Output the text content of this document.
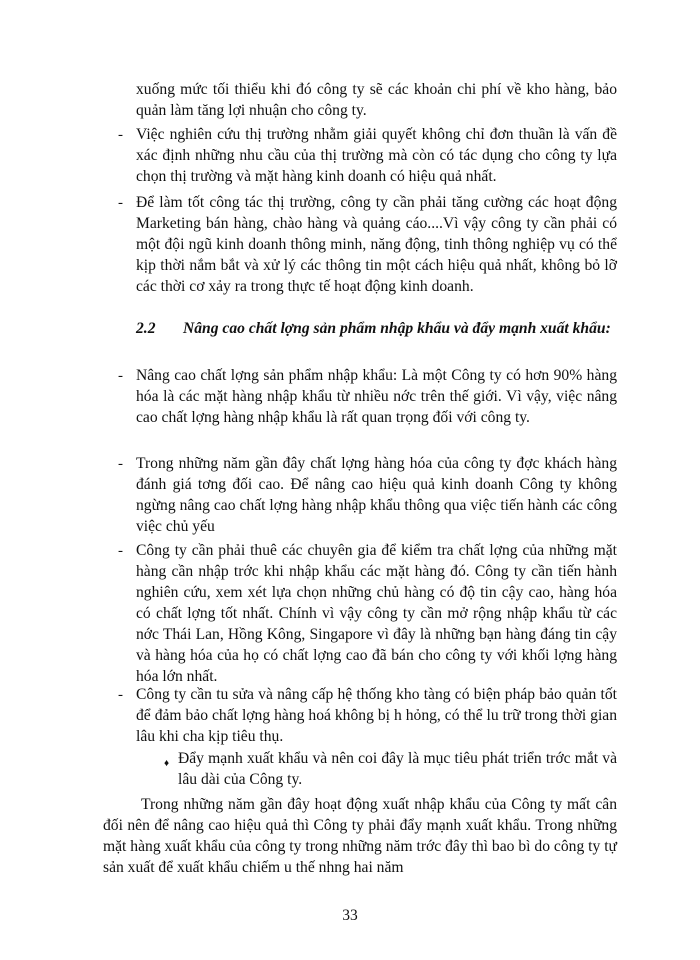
xuống mức tối thiểu khi đó công ty sẽ các khoản chi phí về kho hàng, bảo quản làm tăng lợi nhuận cho công ty.

- Việc nghiên cứu thị trường nhằm giải quyết không chỉ đơn thuần là vấn đề xác định những nhu cầu của thị trường mà còn có tác dụng cho công ty lựa chọn thị trường và mặt hàng kinh doanh có hiệu quả nhất.

- Để làm tốt công tác thị trường, công ty cần phải tăng cường các hoạt động Marketing bán hàng, chào hàng và quảng cáo....Vì vậy công ty cần phải có một đội ngũ kinh doanh thông minh, năng động, tinh thông nghiệp vụ có thể kịp thời nắm bắt và xử lý các thông tin một cách hiệu quả nhất, không bỏ lỡ các thời cơ xảy ra trong thực tế hoạt động kinh doanh.

2.2 Nâng cao chất lợng sản phẩm nhập khẩu và đẩy mạnh xuất khẩu:
- Nâng cao chất lợng sản phẩm nhập khẩu: Là một Công ty có hơn 90% hàng hóa là các mặt hàng nhập khẩu từ nhiều nớc trên thế giới. Vì vậy, việc nâng cao chất lợng hàng nhập khẩu là rất quan trọng đối với công ty.

- Trong những năm gần đây chất lợng hàng hóa của công ty đợc khách hàng đánh giá tơng đối cao. Để nâng cao hiệu quả kinh doanh Công ty không ngừng nâng cao chất lợng hàng nhập khẩu thông qua việc tiến hành các công việc chủ yếu

- Công ty cần phải thuê các chuyên gia để kiểm tra chất lợng của những mặt hàng cần nhập trớc khi nhập khẩu các mặt hàng đó. Công ty cần tiến hành nghiên cứu, xem xét lựa chọn những chủ hàng có độ tin cậy cao, hàng hóa có chất lợng tốt nhất. Chính vì vậy công ty cần mở rộng nhập khẩu từ các nớc Thái Lan, Hồng Kông, Singapore vì đây là những bạn hàng đáng tin cậy và hàng hóa của họ có chất lợng cao đã bán cho công ty với khối lợng hàng hóa lớn nhất.

- Công ty cần tu sửa và nâng cấp hệ thống kho tàng có biện pháp bảo quản tốt để đảm bảo chất lợng hàng hoá không bị h hỏng, có thể lu trữ trong thời gian lâu khi cha kịp tiêu thụ.

♦ Đẩy mạnh xuất khẩu và nên coi đây là mục tiêu phát triển trớc mắt và lâu dài của Công ty.

Trong những năm gần đây hoạt động xuất nhập khẩu của Công ty mất cân đối nên để nâng cao hiệu quả thì Công ty phải đẩy mạnh xuất khẩu. Trong những mặt hàng xuất khẩu của công ty trong những năm trớc đây thì bao bì do công ty tự sản xuất để xuất khẩu chiếm u thế nhng hai năm

33
